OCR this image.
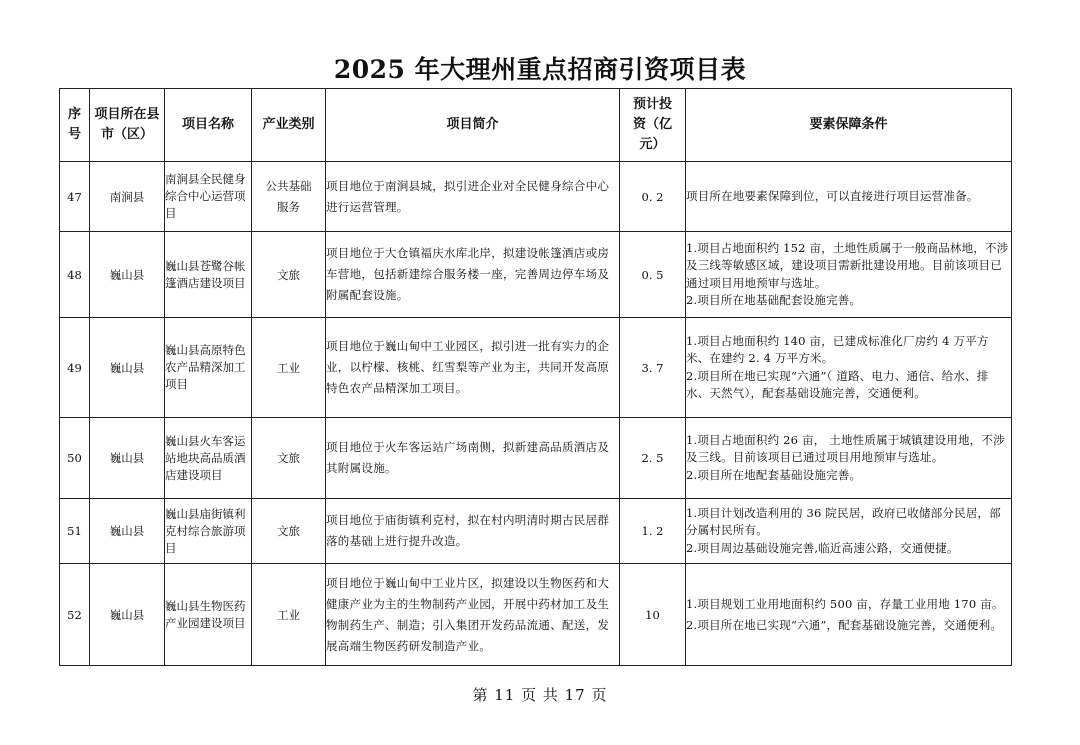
2025 年大理州重点招商引资项目表
序号	项目所在县市（区）	项目名称	产业类别	项目简介	预计投资（亿元）	要素保障条件
47	南涧县	南涧县全民健身综合中心运营项目	公共基础服务	项目地位于南涧县城，拟引进企业对全民健身综合中心进行运营管理。	0. 2	项目所在地要素保障到位，可以直接进行项目运营准备。

48	巍山县	巍山县苍鹭谷帐篷酒店建设项目	文旅	项目地位于大仓镇福庆水库北岸，拟建设帐篷酒店或房车营地，包括新建综合服务楼一座，完善周边停车场及附属配套设施。	0. 5	1.项目占地面积约 152 亩，土地性质属于一般商品林地，不涉及三线等敏感区域，建设项目需新批建设用地。目前该项目已通过项目用地预审与选址。
2.项目所在地基础配套设施完善。

49	巍山县	巍山县高原特色农产品精深加工项目	工业	项目地位于巍山甸中工业园区，拟引进一批有实力的企业，以柠檬、核桃、红雪梨等产业为主，共同开发高原特色农产品精深加工项目。	3. 7	1.项目占地面积约 140 亩，已建成标准化厂房约 4 万平方米、在建约 2. 4 万平方米。
2.项目所在地已实现“六通”（ 道路、电力、通信、给水、排水、天然气），配套基础设施完善，交通便利。

50	巍山县	巍山县火车客运站地块高品质酒店建设项目	文旅	项目地位于火车客运站广场南侧，拟新建高品质酒店及其附属设施。	2. 5	1.项目占地面积约 26 亩， 土地性质属于城镇建设用地，不涉及三线。目前该项目已通过项目用地预审与选址。
2.项目所在地配套基础设施完善。

51	巍山县	巍山县庙街镇利克村综合旅游项目	文旅	项目地位于庙街镇利克村，拟在村内明清时期古民居群落的基础上进行提升改造。	1. 2	1.项目计划改造利用的 36 院民居，政府已收储部分民居，部分属村民所有。
2.项目周边基础设施完善,临近高速公路，交通便捷。

52	巍山县	巍山县生物医药产业园建设项目	工业	项目地位于巍山甸中工业片区，拟建设以生物医药和大健康产业为主的生物制药产业园，开展中药材加工及生物制药生产、制造；引入集团开发药品流通、配送，发展高端生物医药研发制造产业。	10	1.项目规划工业用地面积约 500 亩，存量工业用地 170 亩。
2.项目所在地已实现“六通”，配套基础设施完善，交通便利。
第 11 页 共 17 页
